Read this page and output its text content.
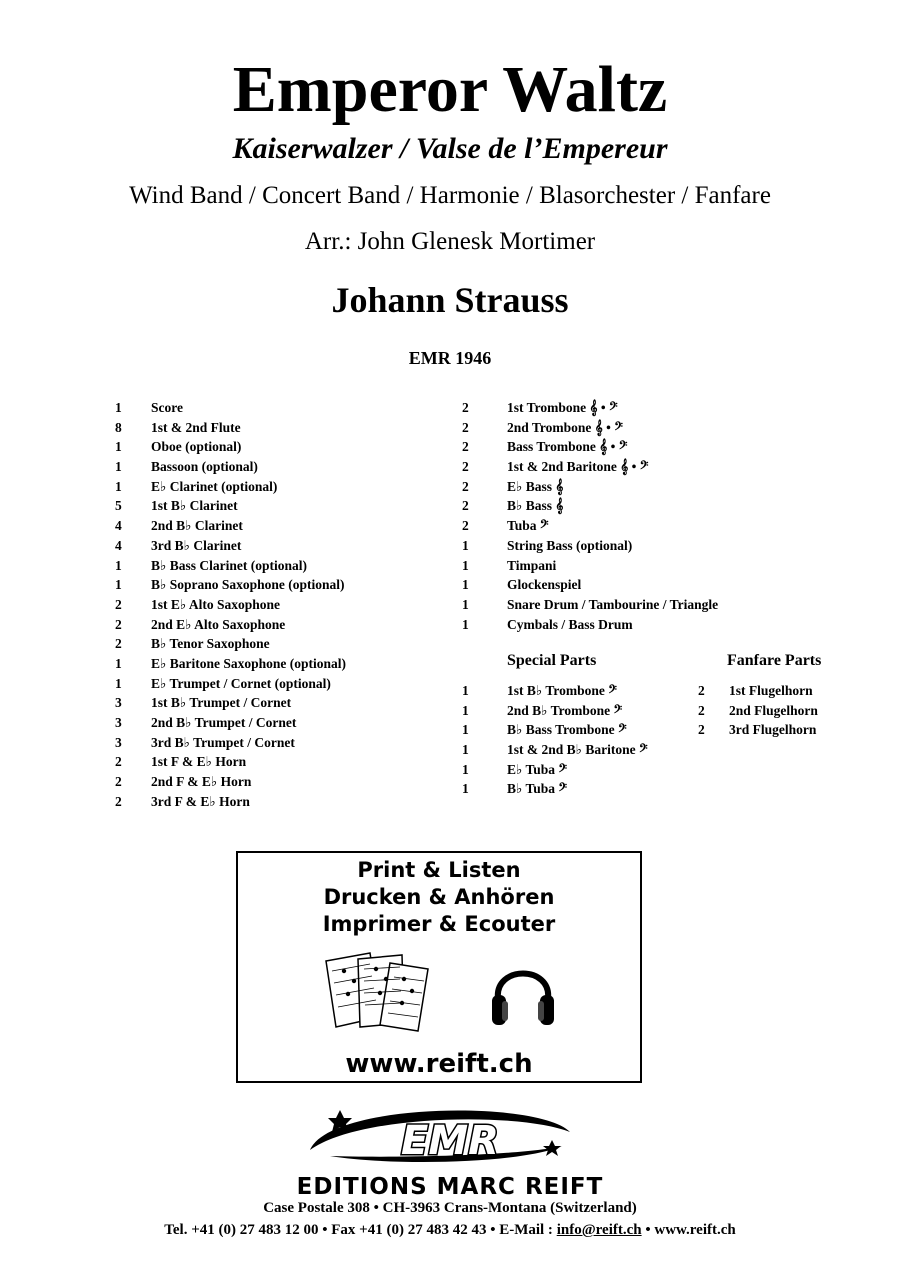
Emperor Waltz
Kaiserwalzer / Valse de l’Empereur
Wind Band / Concert Band / Harmonie / Blasorchester / Fanfare
Arr.: John Glenesk Mortimer
Johann Strauss
EMR 1946
1 Score
8 1st & 2nd Flute
1 Oboe (optional)
1 Bassoon (optional)
1 E♭ Clarinet (optional)
5 1st B♭ Clarinet
4 2nd B♭ Clarinet
4 3rd B♭ Clarinet
1 B♭ Bass Clarinet (optional)
1 B♭ Soprano Saxophone (optional)
2 1st E♭ Alto Saxophone
2 2nd E♭ Alto Saxophone
2 B♭ Tenor Saxophone
1 E♭ Baritone Saxophone (optional)
1 E♭ Trumpet / Cornet (optional)
3 1st B♭ Trumpet / Cornet
3 2nd B♭ Trumpet / Cornet
3 3rd B♭ Trumpet / Cornet
2 1st F & E♭ Horn
2 2nd F & E♭ Horn
2 3rd F & E♭ Horn
2	1st Trombone 𝄞 • 𝄢
2	2nd Trombone 𝄞 • 𝄢
2	Bass Trombone 𝄞 • 𝄢
2	1st & 2nd Baritone 𝄞 • 𝄢
2	E♭ Bass 𝄞
2	B♭ Bass 𝄞
2	Tuba 𝄢
1	String Bass (optional)
1	Timpani
1	Glockenspiel
1	Snare Drum / Tambourine / Triangle
1	Cymbals / Bass Drum
Special Parts	Fanfare Parts
1	1st B♭ Trombone 𝄢
1	2nd B♭ Trombone 𝄢
1	B♭ Bass Trombone 𝄢
1	1st & 2nd B♭ Baritone 𝄢
1	E♭ Tuba 𝄢
1	B♭ Tuba 𝄢
2 1st Flugelhorn
2 2nd Flugelhorn
2 3rd Flugelhorn
Print & Listen
Drucken & Anhören
Imprimer & Ecouter
www.reift.ch
EMR
EDITIONS MARC REIFT
Case Postale 308 • CH-3963 Crans-Montana (Switzerland)
Tel. +41 (0) 27 483 12 00 • Fax +41 (0) 27 483 42 43 • E-Mail : info@reift.ch • www.reift.ch
